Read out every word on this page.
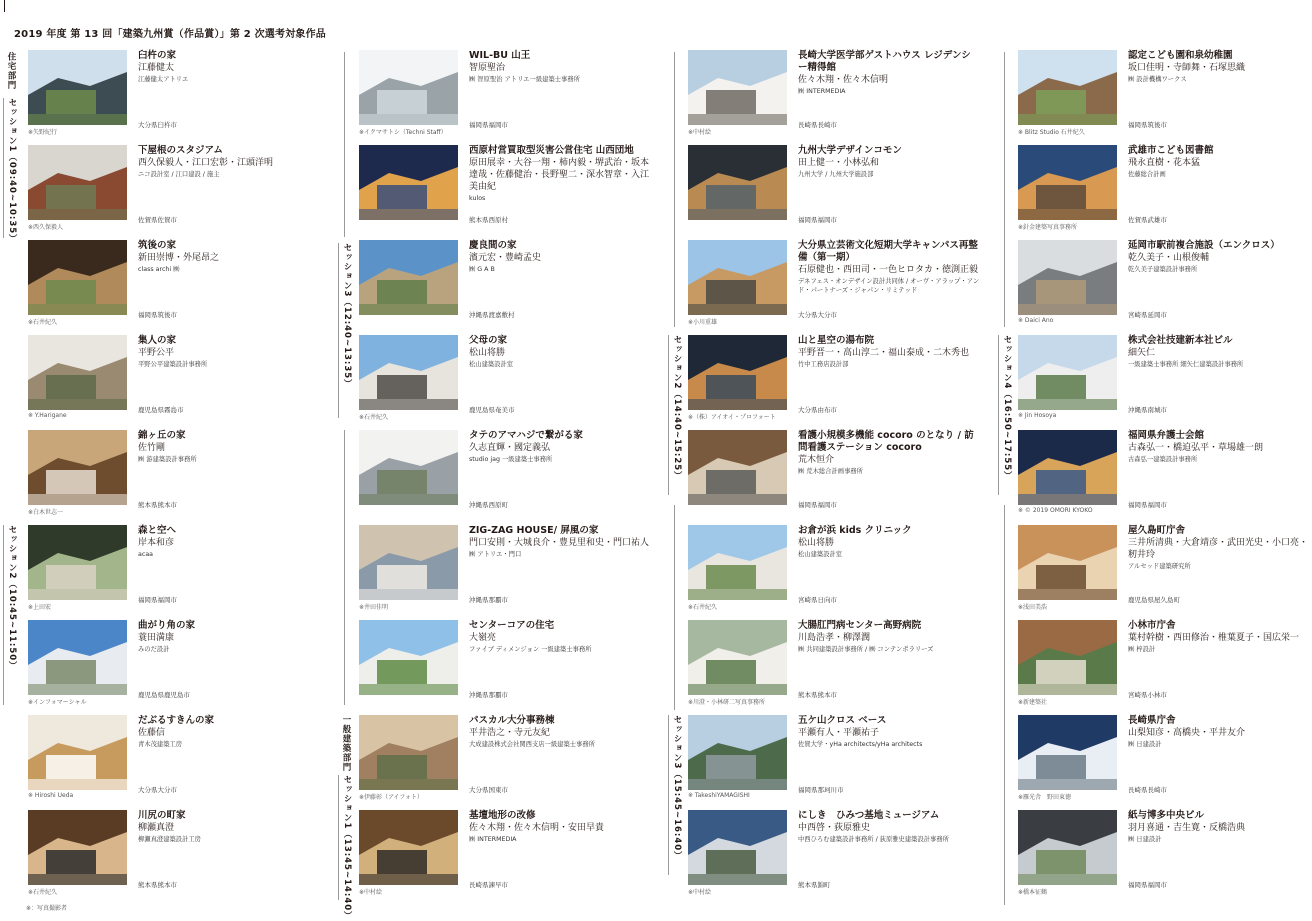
2019 年度 第 13 回「建築九州賞（作品賞）」第 2 次選考対象作品
住宅部門
セッション1（09:40~10:35）
セッション2（10:45~11:50）
セッション3（12:40~13:35）
一般建築部門
セッション1（13:45~14:40）
セッション2（14:40~15:25）
セッション3（15:45~16:40）
セッション4（16:50~17:55）
※矢野紀行

臼杵の家

江藤健太

江藤健太アトリエ

大分県臼杵市
※西久保毅人

下屋根のスタジアム

西久保毅人・江口宏彰・江頭洋明

ニコ設計室 / 江口建設 / 施主

佐賀県佐賀市
※石井紀久

筑後の家

新田崇博・外尾昂之

class archi ㈱

福岡県筑後市
※ Y.Harigane

集人の家

平野公平

平野公平建築設計事務所

鹿児島県霧島市
※白木世志一

錦ヶ丘の家

佐竹剛

㈱ 游建築設計事務所

熊本県熊本市
※上田宏

森と空へ

岸本和彦

acaa

福岡県福岡市
※インフォマーシャル

曲がり角の家

蓑田満康

みのだ設計

鹿児島県鹿児島市
※ Hiroshi Ueda

だぶるすきんの家

佐藤信

青木茂建築工房

大分県大分市
※石井紀久

川尻の町家

柳瀬真澄

柳瀬真澄建築設計工房

熊本県熊本市
※イクマサトシ（Techni Staff）

WIL-BU 山王

智原聖治

㈱ 智原聖治 アトリエ一級建築士事務所

福岡県福岡市

西原村営買取型災害公営住宅 山西団地

原田展幸・大谷一翔・柿内毅・堺武治・坂本達哉・佐藤健治・長野聖二・深水智章・入江美由紀

kulos

熊本県西原村

慶良間の家

濱元宏・豊崎孟史

㈱ G A B

沖縄県渡嘉敷村
※石井紀久

父母の家

松山将勝

松山建築設計室

鹿児島県奄美市

タテのアマハジで繋がる家

久志直輝・國定義弘

studio jag 一級建築士事務所

沖縄県西原町
※井田佳明

ZIG-ZAG HOUSE/ 屏風の家

門口安則・大城良介・豊見里和史・門口祐人

㈱ アトリエ・門口

沖縄県那覇市

センターコアの住宅

大嶺亮

ファイブ ディメンジョン 一級建築士事務所

沖縄県那覇市
※伊藤彰（アイフォト）

パスカル大分事務棟

平井浩之・寺元友紀

大成建設株式会社関西支店一級建築士事務所

大分県国東市
※中村絵

基壇地形の改修

佐々木翔・佐々木信明・安田早貴

㈱ INTERMEDIA

長崎県諫早市
※中村絵

長崎大学医学部ゲストハウス レジデンシー精得館

佐々木翔・佐々木信明

㈱ INTERMEDIA

長崎県長崎市

九州大学デザインコモン

田上健一・小林弘和

九州大学 / 九州大学施設部

福岡県福岡市
※小川重雄

大分県立芸術文化短期大学キャンパス再整備（第一期）

石原健也・西田司・一色ヒロタカ・徳渕正毅

デネフェス・オンデザイン設計共同体 / オーヴ・アラップ・アンド・パートナーズ・ジャパン・リミテッド

大分県大分市
※（株）アイオイ・プロフォート

山と星空の湯布院

平野晋一・高山淳二・福山泰成・二木秀也

竹中工務店設計部

大分県由布市

看護小規模多機能 cocoro のとなり / 訪問看護ステーション cocoro

荒木恒介

㈱ 荒木総合計画事務所

福岡県福岡市
※石井紀久

お倉が浜 kids クリニック

松山将勝

松山建築設計室

宮崎県日向市
※川澄・小林研二写真事務所

大腸肛門病センター高野病院

川島浩孝・柳澤潤

㈱ 共同建築設計事務所 / ㈱ コンテンポラリーズ

熊本県熊本市
※ TakeshiYAMAGISHI

五ケ山クロス ベース

平瀬有人・平瀬祐子

佐賀大学・yHa architects/yHa architects

福岡県那珂川市
※中村絵

にしき　ひみつ基地ミュージアム

中西啓・荻原雅史

中西ひろむ建築設計事務所 / 荻原雅史建築設計事務所

熊本県錦町
※ Blitz Studio 石井紀久

認定こども園和泉幼稚園

坂口佳明・寺師舞・石塚思織

㈱ 設計機構ワークス

福岡県筑後市
※針金建築写真事務所

武雄市こども図書館

飛永直樹・花本猛

佐藤総合計画

佐賀県武雄市
※ Daici Ano

延岡市駅前複合施設（エンクロス）

乾久美子・山根俊輔

乾久美子建築設計事務所

宮崎県延岡市
※ Jin Hosoya

株式会社技建新本社ビル

細矢仁

一級建築士事務所 細矢仁建築設計事務所

沖縄県南城市
※ © 2019 OMORI KYOKO

福岡県弁護士会館

古森弘一・橋迫弘平・草場雄一朗

古森弘一建築設計事務所

福岡県福岡市
※浅田美浩

屋久島町庁舎

三井所清典・大倉靖彦・武田光史・小口亮・籾井玲

アルセッド建築研究所

鹿児島県屋久島町
※新建築社

小林市庁舎

葉村幹樹・西田修治・椎葉夏子・国広栄一

㈱ 梓設計

宮崎県小林市
※雁光舎　野田東徳

長崎県庁舎

山梨知彦・高橋央・平井友介

㈱ 日建設計

長崎県長崎市
※橋本征鶴

紙与博多中央ビル

羽月喜通・吉生寛・反橋浩典

㈱ 日建設計

福岡県福岡市
※：写真撮影者
